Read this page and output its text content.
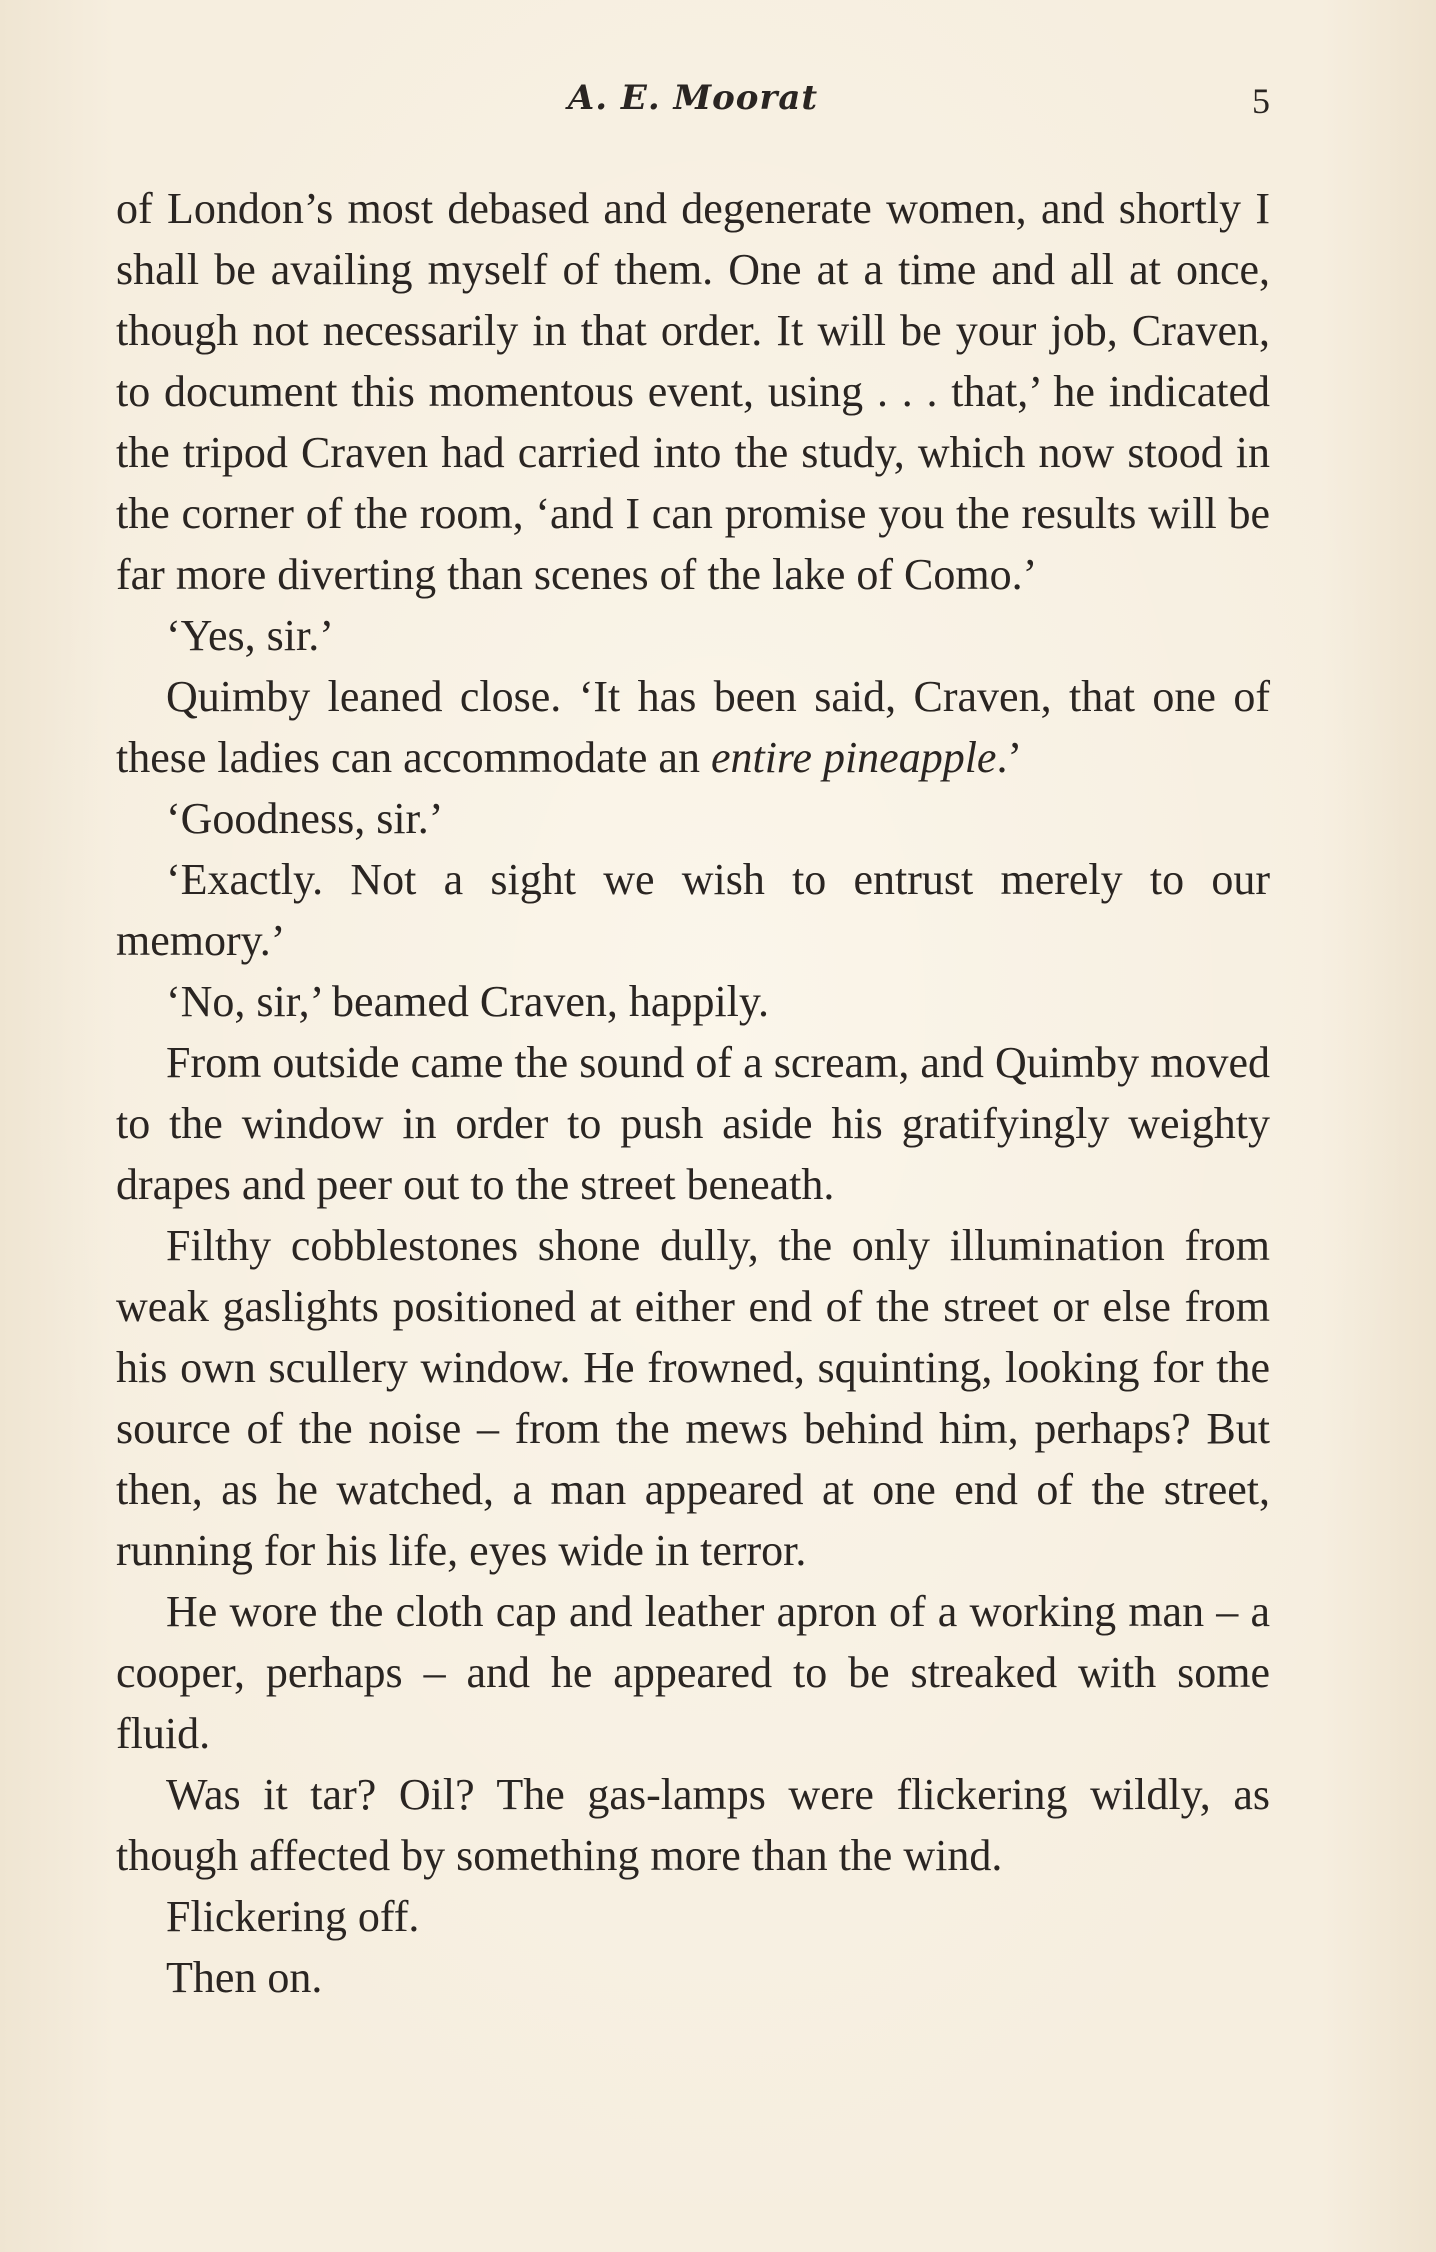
A. E. Moorat	5

of London’s most debased and degenerate women, and shortly I shall be availing myself of them. One at a time and all at once, though not necessarily in that order. It will be your job, Craven, to document this momentous event, using . . . that,’ he indicated the tripod Craven had carried into the study, which now stood in the corner of the room, ‘and I can promise you the results will be far more diverting than scenes of the lake of Como.’

‘Yes, sir.’

Quimby leaned close. ‘It has been said, Craven, that one of these ladies can accommodate an entire pineapple.’

‘Goodness, sir.’

‘Exactly. Not a sight we wish to entrust merely to our memory.’

‘No, sir,’ beamed Craven, happily.

From outside came the sound of a scream, and Quimby moved to the window in order to push aside his gratifyingly weighty drapes and peer out to the street beneath.

Filthy cobblestones shone dully, the only illumination from weak gaslights positioned at either end of the street or else from his own scullery window. He frowned, squinting, looking for the source of the noise – from the mews behind him, perhaps? But then, as he watched, a man appeared at one end of the street, running for his life, eyes wide in terror.

He wore the cloth cap and leather apron of a working man – a cooper, perhaps – and he appeared to be streaked with some fluid.

Was it tar? Oil? The gas-lamps were flickering wildly, as though affected by something more than the wind.

Flickering off.

Then on.
